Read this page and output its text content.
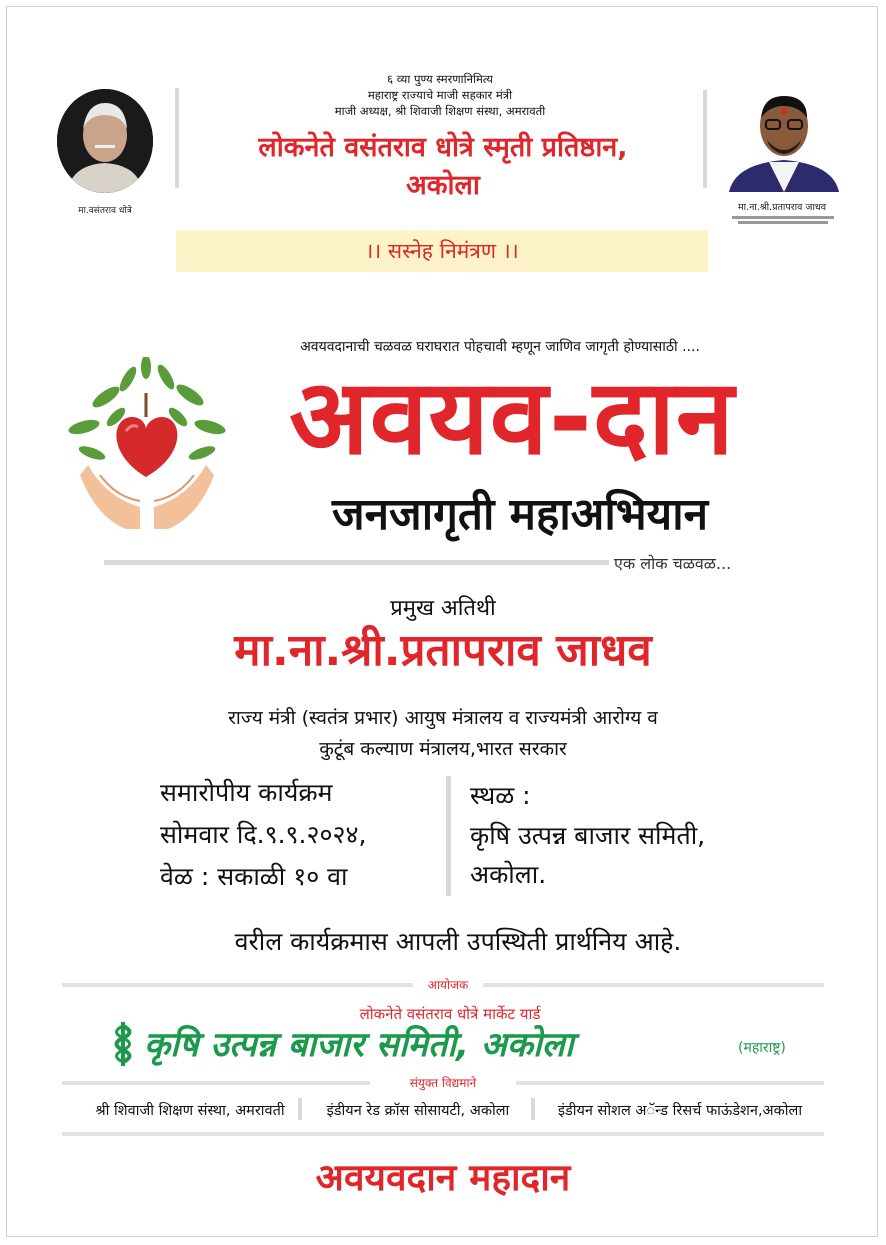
मा.वसंतराव धोत्रे	मा.ना.श्री.प्रतापराव जाधव
६ व्या पुण्य स्मरणानिमित्य
महाराष्ट्र राज्याचे माजी सहकार मंत्री
माजी अध्यक्ष, श्री शिवाजी शिक्षण संस्था, अमरावती
लोकनेते वसंतराव धोत्रे स्मृती प्रतिष्ठान,
अकोला
।। सस्नेह निमंत्रण ।।
अवयवदानाची चळवळ घराघरात पोहचावी म्हणून जाणिव जागृती होण्यासाठी ....
अवयव-दान
जनजागृती महाअभियान
एक लोक चळवळ...
प्रमुख अतिथी
मा.ना.श्री.प्रतापराव जाधव
राज्य मंत्री (स्वतंत्र प्रभार) आयुष मंत्रालय व राज्यमंत्री आरोग्य व
कुटूंब कल्याण मंत्रालय,भारत सरकार
समारोपीय कार्यक्रम
सोमवार दि.९.९.२०२४,
वेळ : सकाळी १० वा
स्थळ :
कृषि उत्पन्न बाजार समिती,
अकोला.
वरील कार्यक्रमास आपली उपस्थिती प्रार्थनिय आहे.
आयोजक
लोकनेते वसंतराव धोत्रे मार्केट यार्ड
कृषि उत्पन्न बाजार समिती, अकोला	(महाराष्ट्र)
संयुक्त विद्यमाने
श्री शिवाजी शिक्षण संस्था, अमरावती	इंडीयन रेड क्रॉस सोसायटी, अकोला	इंडीयन सोशल अॅन्ड रिसर्च फाऊंडेशन,अकोला
अवयवदान महादान
